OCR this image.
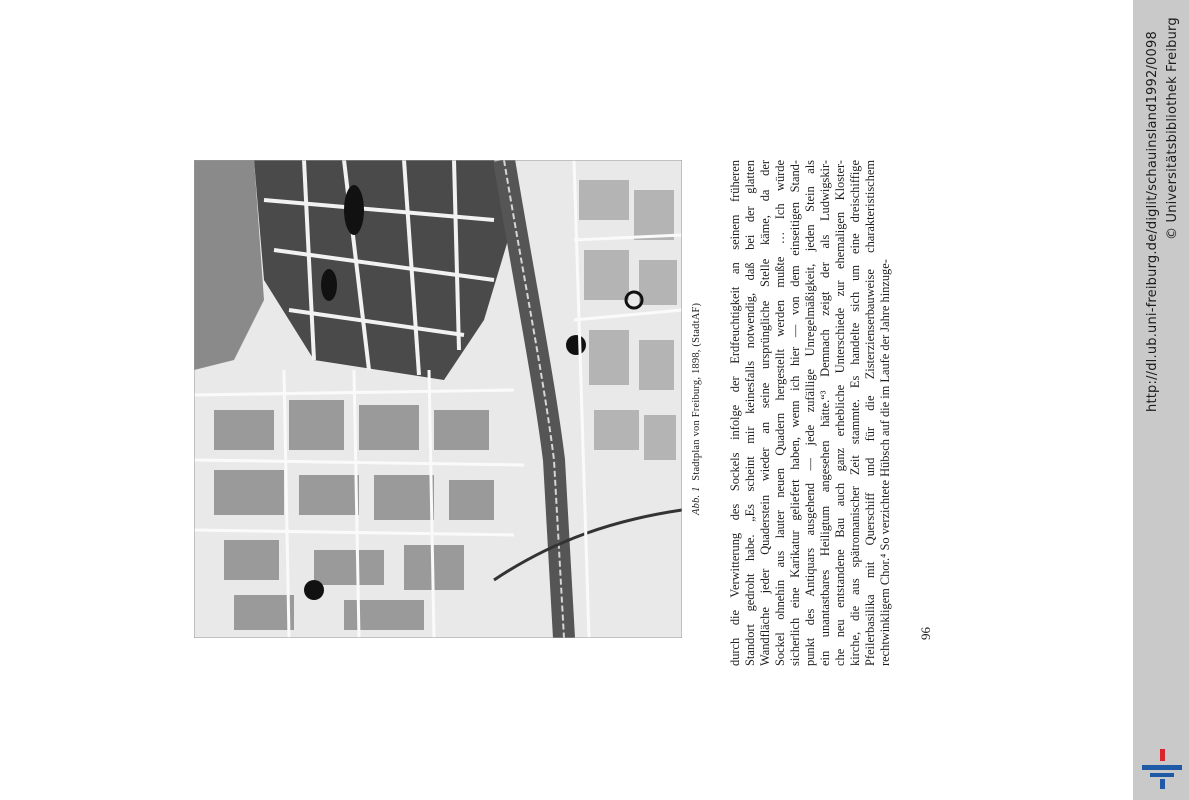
Abb. 1  Stadtplan von Freiburg, 1898, (StadtAF) durch die Verwitterung des Sockels infolge der Erdfeuchtigkeit an seinem früheren Standort gedroht habe. „Es scheint mir keinesfalls notwendig, daß bei der glatten Wandfläche jeder Quaderstein wieder an seine ursprüngliche Stelle käme, da der Sockel ohnehin aus lauter neuen Quadern hergestellt werden mußte … Ich würde sicherlich eine Karikatur geliefert haben, wenn ich hier — von dem einseitigen Stand- punkt des Antiquars ausgehend — jede zufällige Unregelmäßigkeit, jeden Stein als ein unantastbares Heiligtum angesehen hätte.“³ Demnach zeigt der als Ludwigskir- che neu entstandene Bau auch ganz erhebliche Unterschiede zur ehemaligen Kloster- kirche, die aus spätromanischer Zeit stammte. Es handelte sich um eine dreischiffige Pfeilerbasilika mit Querschiff und für die Zisterzienserbauweise charakteristischem rechtwinkligem Chor.⁴ So verzichtete Hübsch auf die im Laufe der Jahre hinzuge- 96
http://dl.ub.uni-freiburg.de/diglit/schauinsland1992/0098 © Universitätsbibliothek Freiburg
